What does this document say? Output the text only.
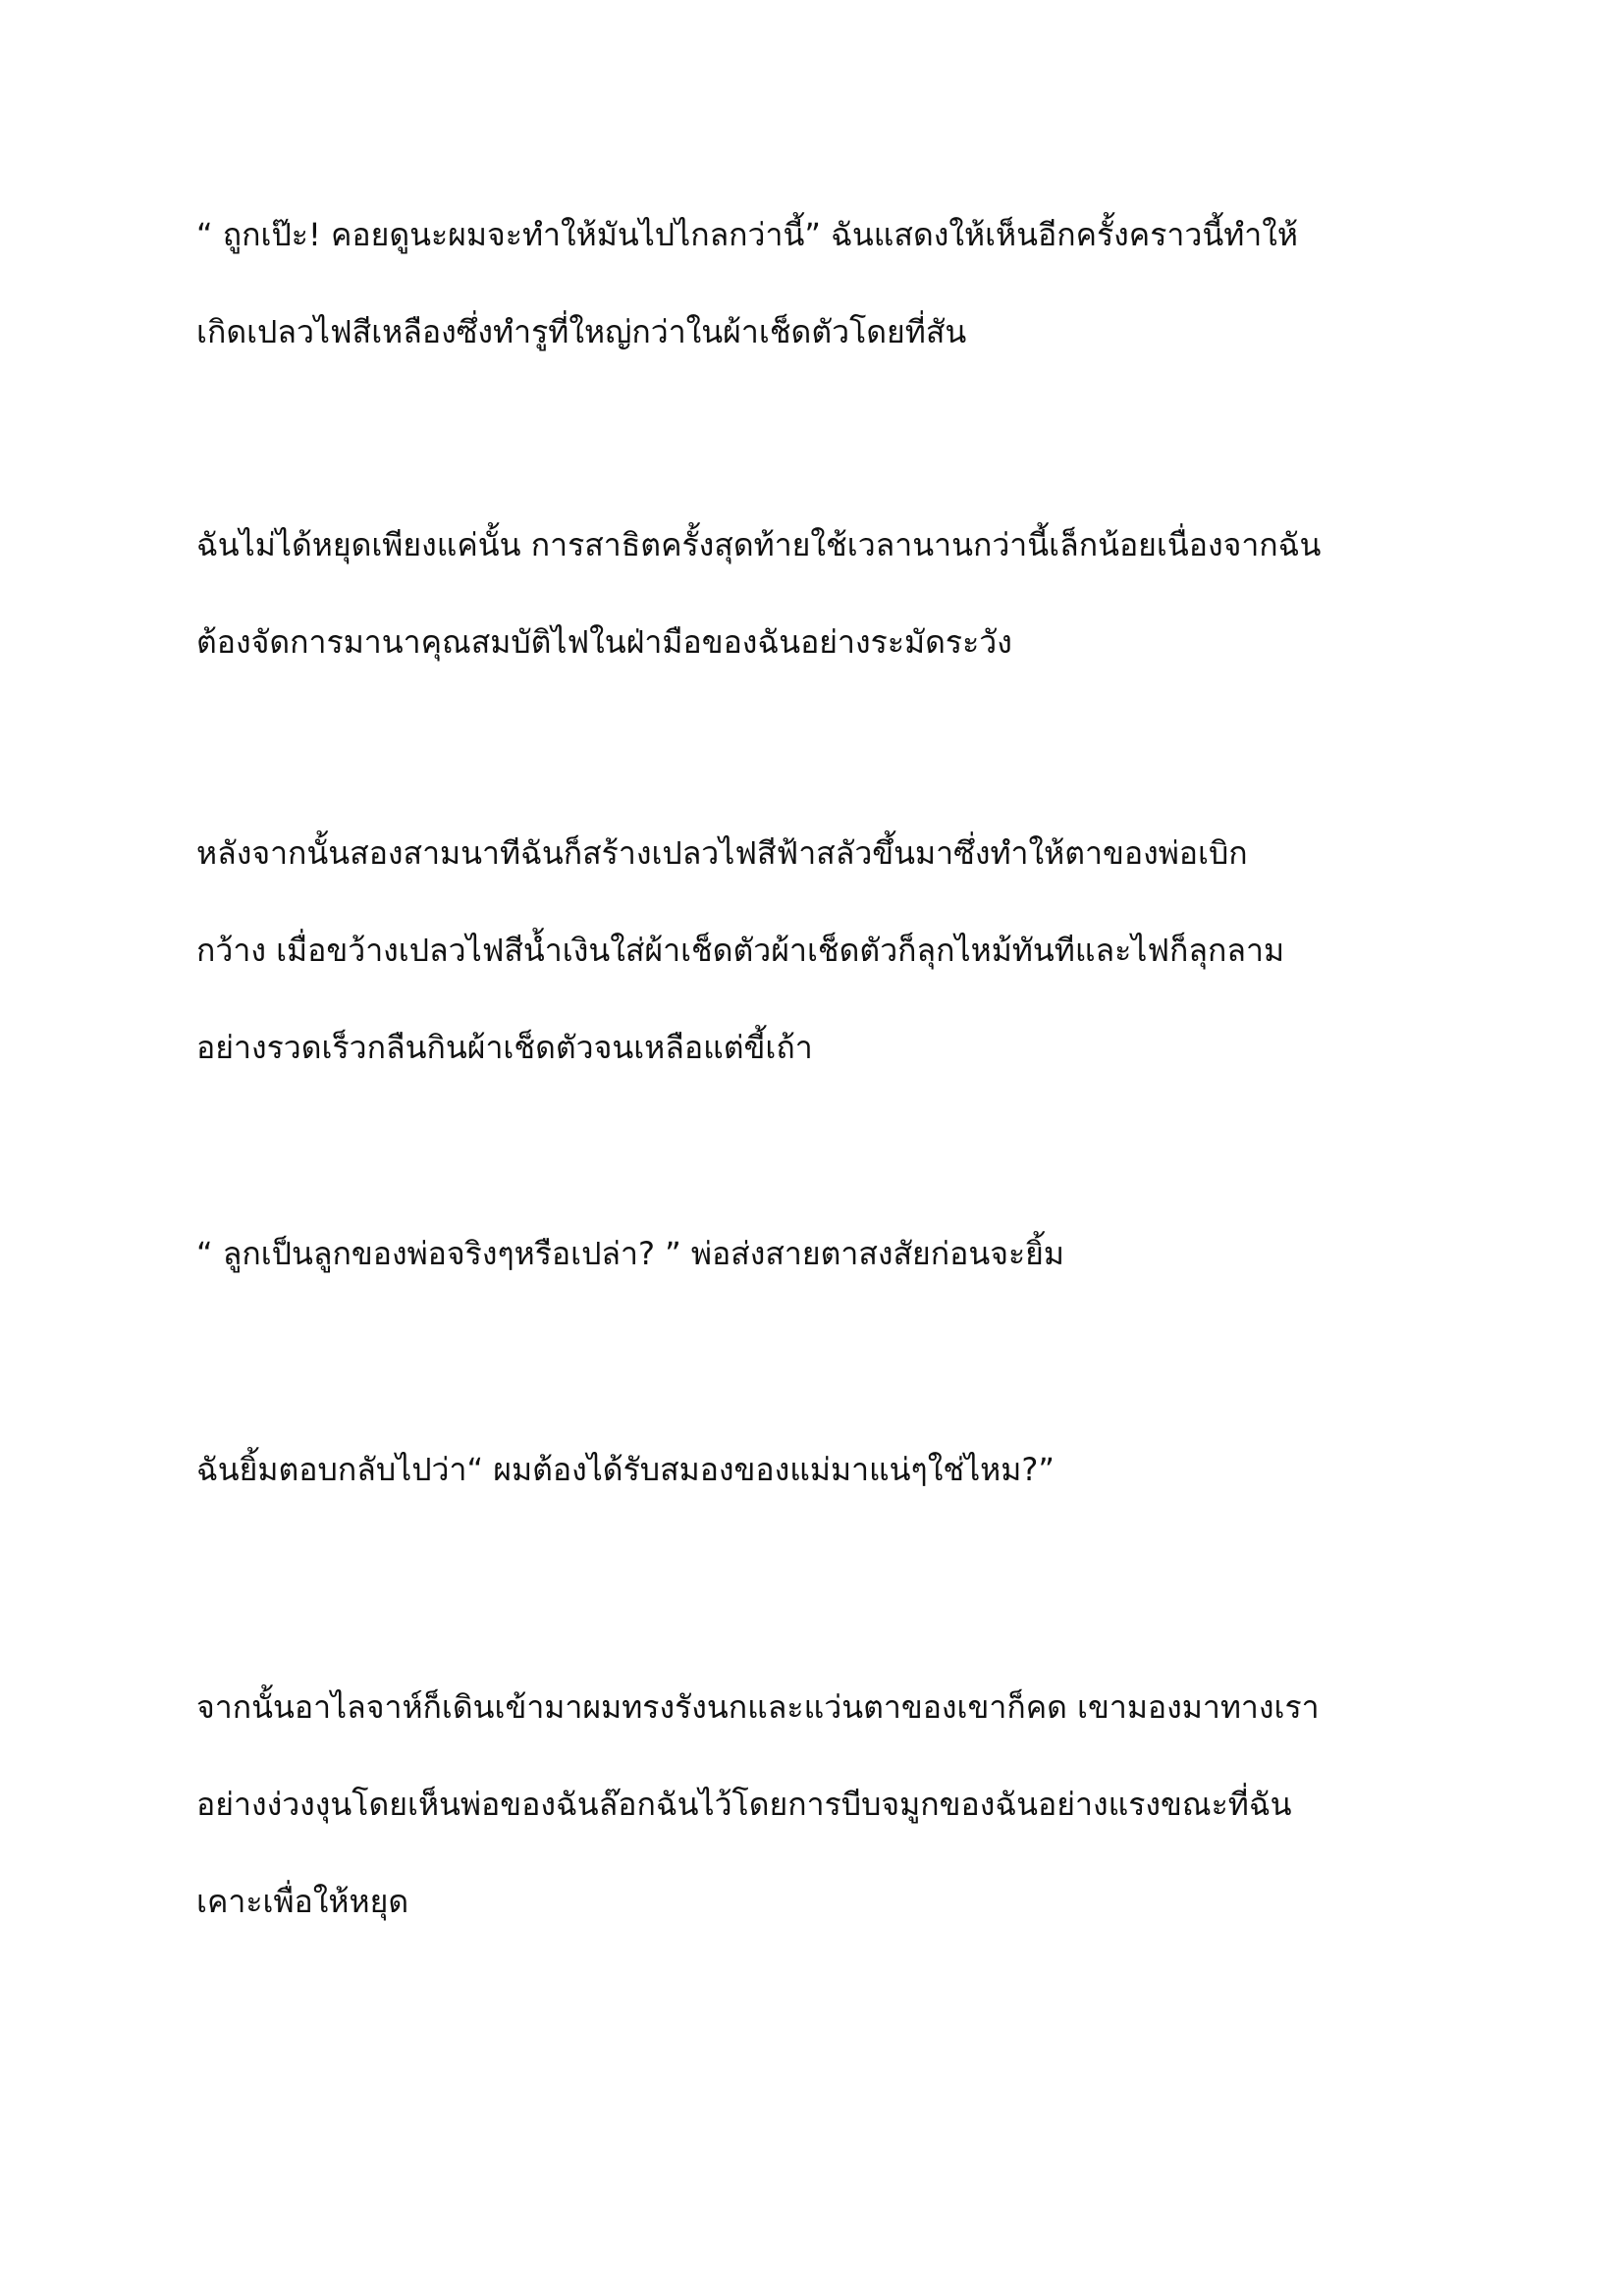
“ ถูกเป๊ะ! คอยดูนะผมจะทำให้มันไปไกลกว่านี้” ฉันแสดงให้เห็นอีกครั้งคราวนี้ทำให้
เกิดเปลวไฟสีเหลืองซึ่งทำรูที่ใหญ่กว่าในผ้าเช็ดตัวโดยที่สัน

ฉันไม่ได้หยุดเพียงแค่นั้น การสาธิตครั้งสุดท้ายใช้เวลานานกว่านี้เล็กน้อยเนื่องจากฉัน
ต้องจัดการมานาคุณสมบัติไฟในฝ่ามือของฉันอย่างระมัดระวัง

หลังจากนั้นสองสามนาทีฉันก็สร้างเปลวไฟสีฟ้าสลัวขึ้นมาซึ่งทำให้ตาของพ่อเบิก
กว้าง เมื่อขว้างเปลวไฟสีน้ำเงินใส่ผ้าเช็ดตัวผ้าเช็ดตัวก็ลุกไหม้ทันทีและไฟก็ลุกลาม
อย่างรวดเร็วกลืนกินผ้าเช็ดตัวจนเหลือแต่ขี้เถ้า

“ ลูกเป็นลูกของพ่อจริงๆหรือเปล่า? ” พ่อส่งสายตาสงสัยก่อนจะยิ้ม

ฉันยิ้มตอบกลับไปว่า“ ผมต้องได้รับสมองของแม่มาแน่ๆใช่ไหม?”

จากนั้นอาไลจาห์ก็เดินเข้ามาผมทรงรังนกและแว่นตาของเขาก็คด เขามองมาทางเรา
อย่างง่วงงุนโดยเห็นพ่อของฉันล๊อกฉันไว้โดยการบีบจมูกของฉันอย่างแรงขณะที่ฉัน
เคาะเพื่อให้หยุด
